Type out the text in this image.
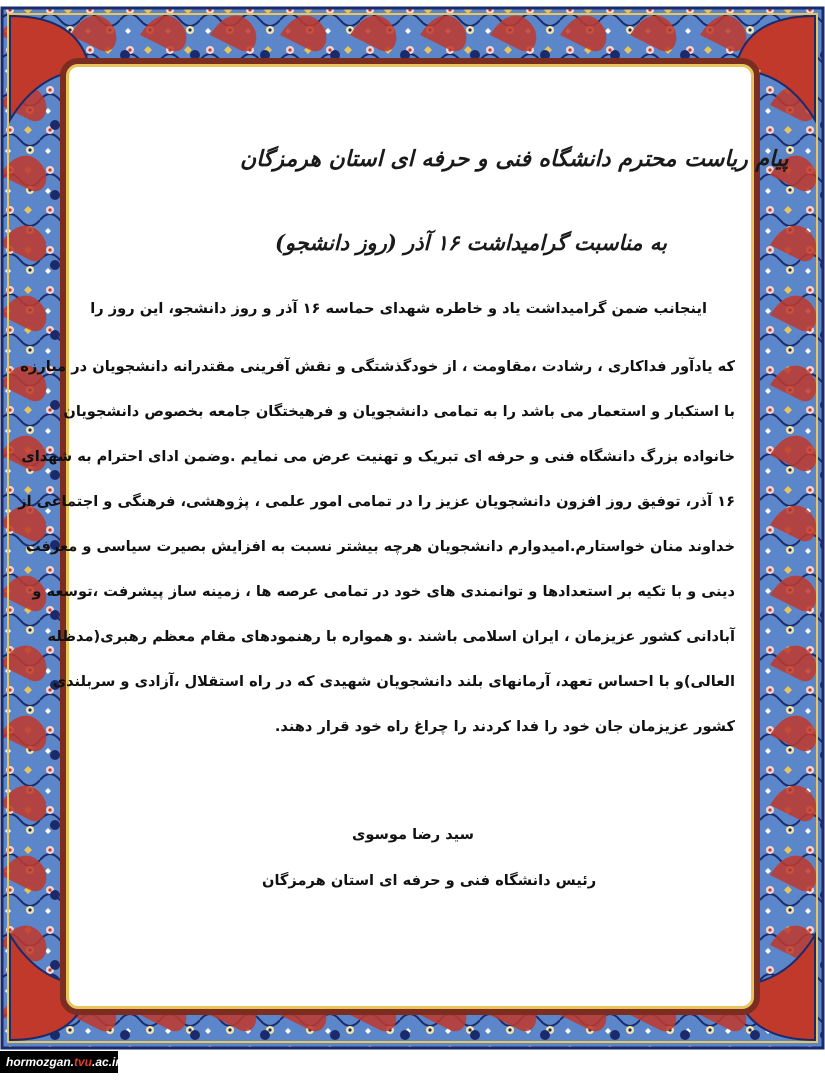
پیام ریاست محترم دانشگاه فنی و حرفه ای استان هرمزگان
به مناسبت گرامیداشت ۱۶ آذر (روز دانشجو)
اینجانب ضمن گرامیداشت یاد و خاطره شهدای حماسه ۱۶ آذر و روز دانشجو، این روز را
که یادآور فداکاری ، رشادت ،مقاومت ، از خودگذشتگی و نقش آفرینی مقتدرانه دانشجویان در مبارزه
با استکبار و استعمار می باشد را به تمامی دانشجویان و فرهیختگان جامعه بخصوص دانشجویان
خانواده بزرگ دانشگاه فنی و حرفه ای تبریک و تهنیت عرض می نمایم .وضمن ادای احترام به شهدای
۱۶ آذر، توفیق روز افزون دانشجویان عزیز را در تمامی امور علمی ، پژوهشی، فرهنگی و اجتماعی از
خداوند منان خواستارم.امیدوارم دانشجویان هرچه بیشتر نسبت به افزایش بصیرت سیاسی و معرفت
دینی و با تکیه بر استعدادها و توانمندی های خود در تمامی عرصه ها ، زمینه ساز پیشرفت ،توسعه و
آبادانی کشور عزیزمان ، ایران اسلامی باشند .و همواره با رهنمودهای مقام معظم رهبری(مدظله
العالی)و با احساس تعهد، آرمانهای بلند دانشجویان شهیدی که در راه استقلال ،آزادی و سربلندی
کشور عزیزمان جان خود را فدا کردند را چراغ راه خود قرار دهند.
سید رضا موسوی
رئیس دانشگاه فنی و حرفه ای استان هرمزگان
hormozgan.tvu.ac.ir
